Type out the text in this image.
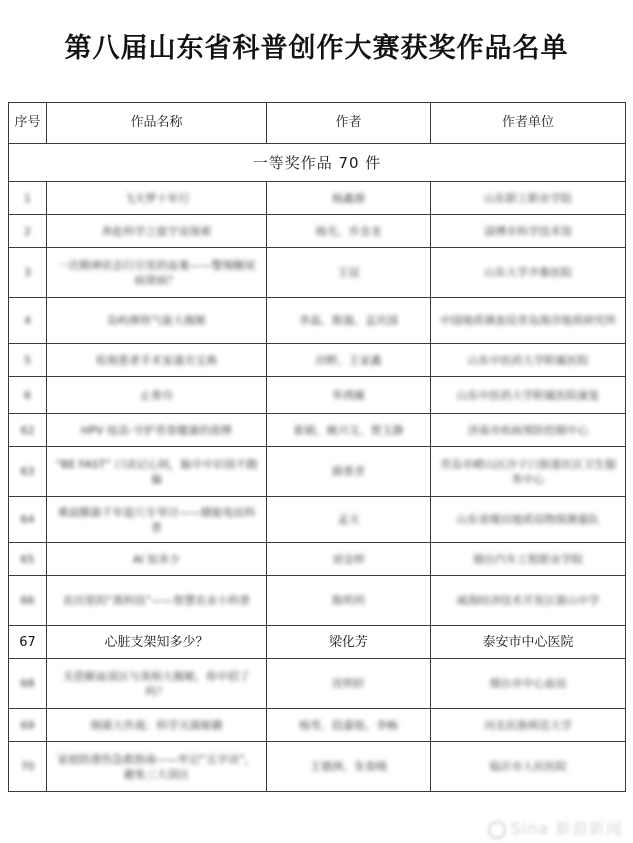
第八届山东省科普创作大赛获奖作品名单
序号	作品名称	作者	作者单位
一等奖作品 70 件			
1	飞天梦十年行	杨鑫源	山东职工职业学院
2	奔赴科学之旅宇宙探索	杨光、乔金龙	淄博市科学技术馆
3	一次精神状态行引发的血案——警惕糖尿病肾病？	王冠	山东大学齐鲁医院
4	岛屿弹铁气旋大揭秘	李晶、陈强、孟庆国	中国地质调查局青岛海洋地质研究所
5	检视患者手术室通关宝典	田野、王家鑫	山东中医药大学附属医院
6	止骨功	毕鸿雁	山东中医药大学附属医院康复
62	HPV 疫苗-守护青春健康的盾牌	崔娟、姚兴文、贾玉静	济南市疾病预防控制中心
63	“BE FAST” 口诀记心间，脑卒中识别不跑偏	薛香青	青岛市崂山区沙子口街道社区卫生服务中心
64	乘面膜最千年盐穴专导讨——储能电站科普	孟天	山东省煤田地质局物探测量队
65	AI 知多少	刘金梓	烟台汽车工程职业学院
66	农田里的“黑科技”——智慧农业小科普	陈明玥	威海经济技术开发区崮山中学
67	心脏支架知多少？	梁化芳	泰安市中心医院
68	无偿献血误区与真相大揭秘，你中招了吗？	沈明轩	烟台市中心血站
69	细菌大作战：科学灭菌秘籍	杨雪、段嘉铭、李畅	河北民族师范大学
70	家庭防滑伤急救指南——牢记“五字诀”，避免三大误区	王德洲、朱春晓	临沂市人民医院
Sina 新浪新闻
